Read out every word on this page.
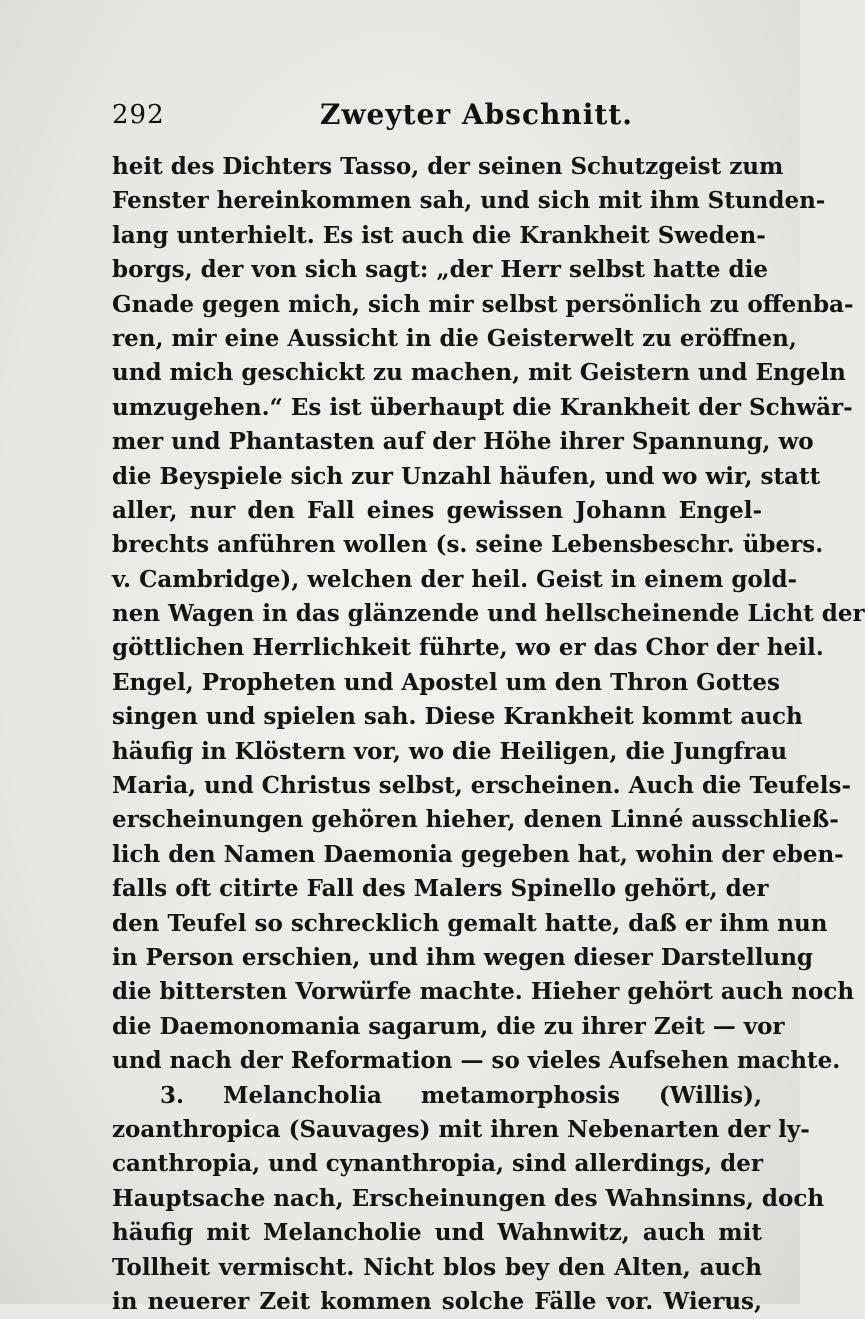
292	Zweyter Abschnitt.
heit des Dichters Tasso, der seinen Schutzgeist zum
Fenster hereinkommen sah, und sich mit ihm Stunden-
lang unterhielt. Es ist auch die Krankheit Sweden-
borgs, der von sich sagt: „der Herr selbst hatte die
Gnade gegen mich, sich mir selbst persönlich zu offenba-
ren, mir eine Aussicht in die Geisterwelt zu eröffnen,
und mich geschickt zu machen, mit Geistern und Engeln
umzugehen.“ Es ist überhaupt die Krankheit der Schwär-
mer und Phantasten auf der Höhe ihrer Spannung, wo
die Beyspiele sich zur Unzahl häufen, und wo wir, statt
aller, nur den Fall eines gewissen Johann Engel-
brechts anführen wollen (s. seine Lebensbeschr. übers.
v. Cambridge), welchen der heil. Geist in einem gold-
nen Wagen in das glänzende und hellscheinende Licht der
göttlichen Herrlichkeit führte, wo er das Chor der heil.
Engel, Propheten und Apostel um den Thron Gottes
singen und spielen sah. Diese Krankheit kommt auch
häufig in Klöstern vor, wo die Heiligen, die Jungfrau
Maria, und Christus selbst, erscheinen. Auch die Teufels-
erscheinungen gehören hieher, denen Linné ausschließ-
lich den Namen Daemonia gegeben hat, wohin der eben-
falls oft citirte Fall des Malers Spinello gehört, der
den Teufel so schrecklich gemalt hatte, daß er ihm nun
in Person erschien, und ihm wegen dieser Darstellung
die bittersten Vorwürfe machte. Hieher gehört auch noch
die Daemonomania sagarum, die zu ihrer Zeit — vor
und nach der Reformation — so vieles Aufsehen machte.
3. Melancholia metamorphosis (Willis),
zoanthropica (Sauvages) mit ihren Nebenarten der ly-
canthropia, und cynanthropia, sind allerdings, der
Hauptsache nach, Erscheinungen des Wahnsinns, doch
häufig mit Melancholie und Wahnwitz, auch mit
Tollheit vermischt. Nicht blos bey den Alten, auch
in neuerer Zeit kommen solche Fälle vor. Wierus,
